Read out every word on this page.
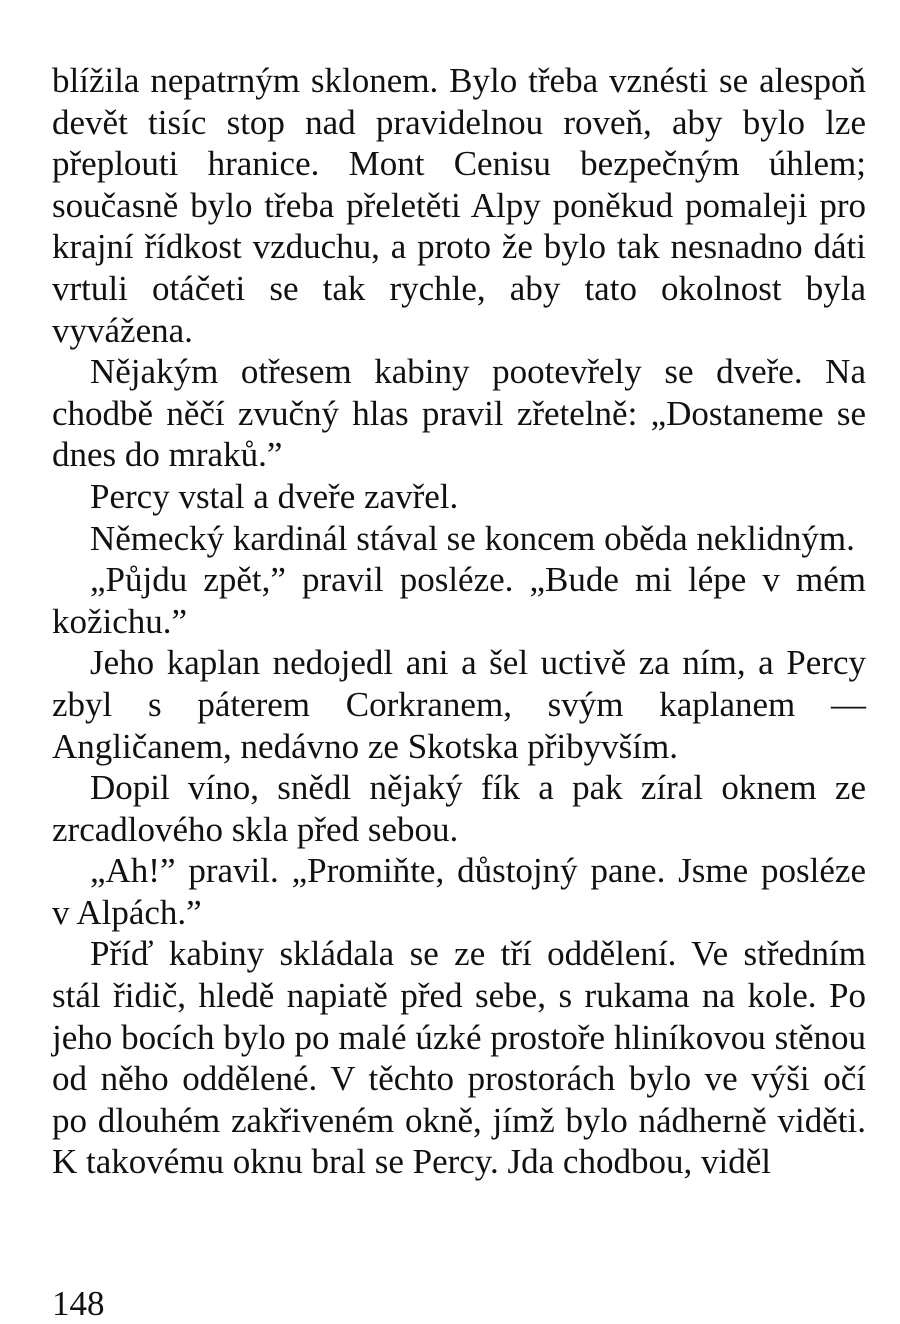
blížila nepatrným sklonem. Bylo třeba vznésti se alespoň devět tisíc stop nad pravidelnou roveň, aby bylo lze přeplouti hranice. Mont Cenisu bezpečným úhlem; současně bylo třeba přeletěti Alpy poněkud pomaleji pro krajní řídkost vzduchu, a proto že bylo tak nesnadno dáti vrtuli otáčeti se tak rychle, aby tato okolnost byla vyvážena.

Nějakým otřesem kabiny pootevřely se dveře. Na chodbě něčí zvučný hlas pravil zřetelně: „Dostaneme se dnes do mraků.”

Percy vstal a dveře zavřel.

Německý kardinál stával se koncem oběda neklidným.

„Půjdu zpět,” pravil posléze. „Bude mi lépe v mém kožichu.”

Jeho kaplan nedojedl ani a šel uctivě za ním, a Percy zbyl s páterem Corkranem, svým kaplanem — Angličanem, nedávno ze Skotska přibyvším.

Dopil víno, snědl nějaký fík a pak zíral oknem ze zrcadlového skla před sebou.

„Ah!” pravil. „Promiňte, důstojný pane. Jsme posléze v Alpách.”

Příď kabiny skládala se ze tří oddělení. Ve středním stál řidič, hledě napiatě před sebe, s rukama na kole. Po jeho bocích bylo po malé úzké prostoře hliníkovou stěnou od něho oddělené. V těchto prostorách bylo ve výši očí po dlouhém zakřiveném okně, jímž bylo nádherně viděti. K takovému oknu bral se Percy. Jda chodbou, viděl

148
